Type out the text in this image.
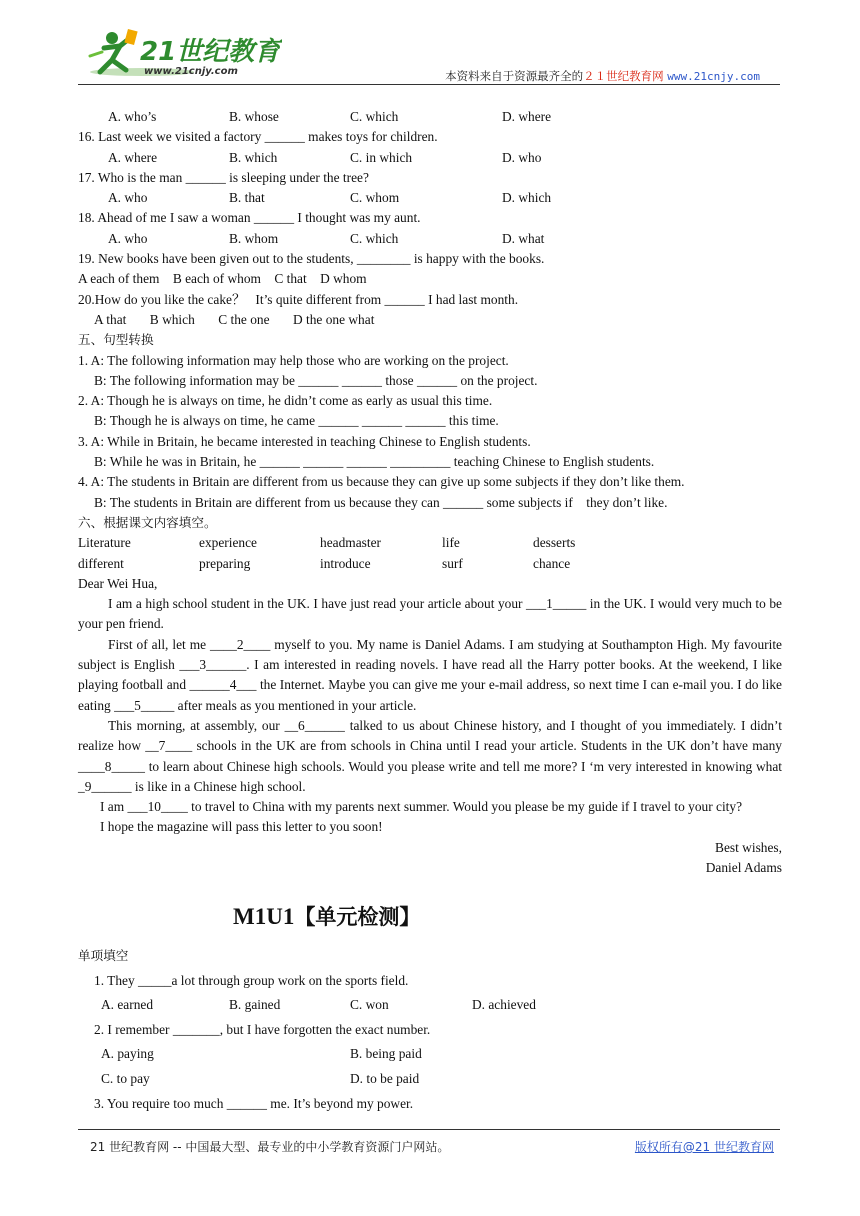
21世纪教育
www.21cnjy.com	本资料来自于资源最齐全的２１世纪教育网 www.21cnjy.com
A. who’s	B. whose	C. which	D. where
16. Last week we visited a factory ______ makes toys for children.
A. where	B. which	C. in which	D. who
17. Who is the man ______ is sleeping under the tree?
A. who	B. that	C. whom	D. which
18. Ahead of me I saw a woman ______ I thought was my aunt.
A. who	B. whom	C. which	D. what
19. New books have been given out to the students, ________ is happy with the books.
A each of them    B each of whom    C that    D whom
20.How do you like the cake？   It’s quite different from ______ I had last month.
A that       B which       C the one       D the one what
五、句型转换
1. A: The following information may help those who are working on the project.
B: The following information may be ______ ______ those ______ on the project.
2. A: Though he is always on time, he didn’t come as early as usual this time.
B: Though he is always on time, he came ______ ______ ______ this time.
3. A: While in Britain, he became interested in teaching Chinese to English students.
B: While he was in Britain, he ______ ______ ______ _________ teaching Chinese to English students.
4. A: The students in Britain are different from us because they can give up some subjects if they don’t like them.
B: The students in Britain are different from us because they can ______ some subjects if    they don’t like.
六、根据课文内容填空。
Literature	experience	headmaster	life	desserts
different	preparing	introduce	surf	chance
Dear Wei Hua,

I am a high school student in the UK. I have just read your article about your ___1_____ in the UK. I would very much to be your pen friend.

First of all, let me ____2____ myself to you. My name is Daniel Adams. I am studying at Southampton High. My favourite subject is English ___3______. I am interested in reading novels. I have read all the Harry potter books. At the weekend, I like playing football and ______4___ the Internet. Maybe you can give me your e-mail address, so next time I can e-mail you. I do like eating ___5_____ after meals as you mentioned in your article.

This morning, at assembly, our __6______ talked to us about Chinese history, and I thought of you immediately. I didn’t realize how __7____ schools in the UK are from schools in China until I read your article. Students in the UK don’t have many ____8_____ to learn about Chinese high schools. Would you please write and tell me more? I ‘m very interested in knowing what _9______ is like in a Chinese high school.

I am ___10____ to travel to China with my parents next summer. Would you please be my guide if I travel to your city?

I hope the magazine will pass this letter to you soon!

Best wishes,
Daniel Adams
M1U1【单元检测】
单项填空
1. They _____a lot through group work on the sports field.
A. earned	B. gained	C. won	D. achieved
2. I remember _______, but I have forgotten the exact number.
A. paying	B. being paid
C. to pay	D. to be paid
3. You require too much ______ me. It’s beyond my power.
21 世纪教育网 -- 中国最大型、最专业的中小学教育资源门户网站。	版权所有@21 世纪教育网
